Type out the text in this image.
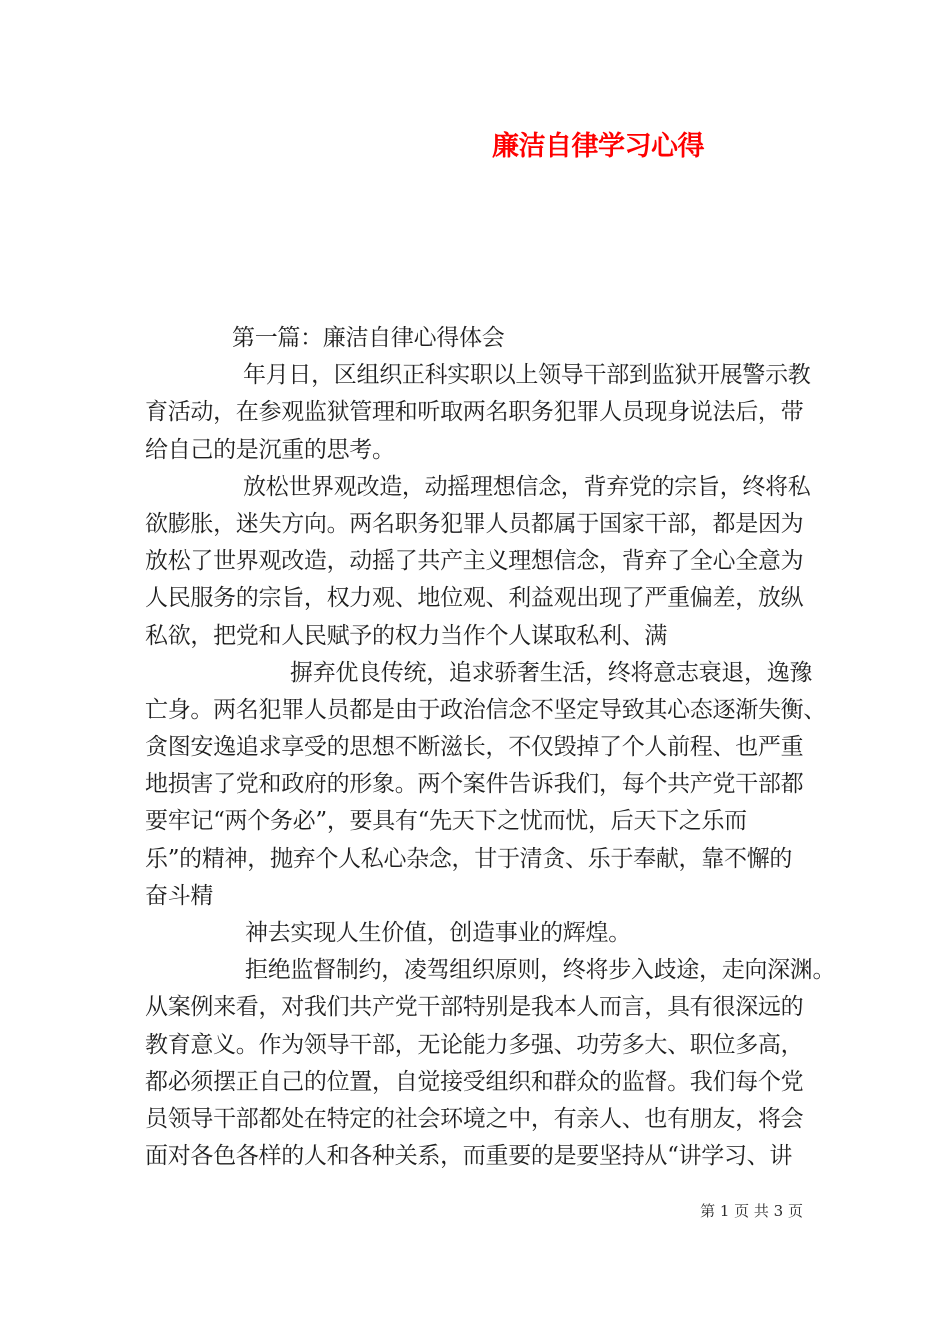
廉洁自律学习心得
第一篇：廉洁自律心得体会
年月日，区组织正科实职以上领导干部到监狱开展警示教
育活动，在参观监狱管理和听取两名职务犯罪人员现身说法后，带
给自己的是沉重的思考。
放松世界观改造，动摇理想信念，背弃党的宗旨，终将私
欲膨胀，迷失方向。两名职务犯罪人员都属于国家干部，都是因为
放松了世界观改造，动摇了共产主义理想信念，背弃了全心全意为
人民服务的宗旨，权力观、地位观、利益观出现了严重偏差，放纵
私欲，把党和人民赋予的权力当作个人谋取私利、满
摒弃优良传统，追求骄奢生活，终将意志衰退，逸豫
亡身。两名犯罪人员都是由于政治信念不坚定导致其心态逐渐失衡、
贪图安逸追求享受的思想不断滋长，不仅毁掉了个人前程、也严重
地损害了党和政府的形象。两个案件告诉我们，每个共产党干部都
要牢记“两个务必”，要具有“先天下之忧而忧，后天下之乐而
乐”的精神，抛弃个人私心杂念，甘于清贪、乐于奉献，靠不懈的
奋斗精
神去实现人生价值，创造事业的辉煌。
拒绝监督制约，凌驾组织原则，终将步入歧途，走向深渊。
从案例来看，对我们共产党干部特别是我本人而言，具有很深远的
教育意义。作为领导干部，无论能力多强、功劳多大、职位多高，
都必须摆正自己的位置，自觉接受组织和群众的监督。我们每个党
员领导干部都处在特定的社会环境之中，有亲人、也有朋友，将会
面对各色各样的人和各种关系，而重要的是要坚持从“讲学习、讲
第 1 页 共 3 页
